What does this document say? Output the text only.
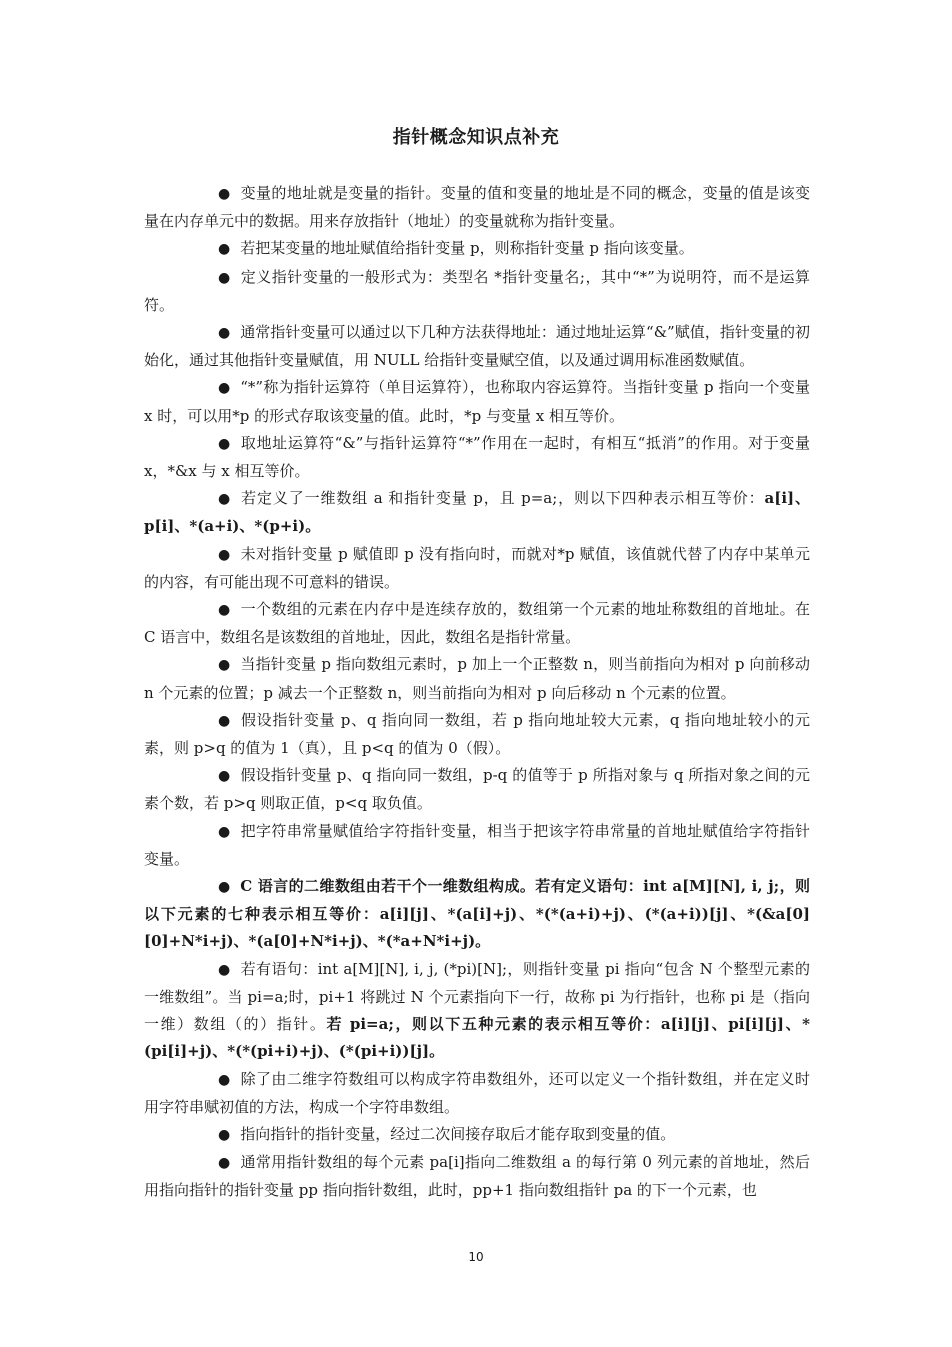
指针概念知识点补充

● 变量的地址就是变量的指针。变量的值和变量的地址是不同的概念，变量的值是该变量在内存单元中的数据。用来存放指针（地址）的变量就称为指针变量。

● 若把某变量的地址赋值给指针变量 p，则称指针变量 p 指向该变量。

● 定义指针变量的一般形式为：类型名 *指针变量名;，其中“*”为说明符，而不是运算符。

● 通常指针变量可以通过以下几种方法获得地址：通过地址运算“&”赋值，指针变量的初始化，通过其他指针变量赋值，用 NULL 给指针变量赋空值，以及通过调用标准函数赋值。

● “*”称为指针运算符（单目运算符），也称取内容运算符。当指针变量 p 指向一个变量 x 时，可以用*p 的形式存取该变量的值。此时，*p 与变量 x 相互等价。

● 取地址运算符“&”与指针运算符“*”作用在一起时，有相互“抵消”的作用。对于变量 x，*&x 与 x 相互等价。

● 若定义了一维数组 a 和指针变量 p，且 p=a;，则以下四种表示相互等价：a[i]、p[i]、*(a+i)、*(p+i)。

● 未对指针变量 p 赋值即 p 没有指向时，而就对*p 赋值，该值就代替了内存中某单元的内容，有可能出现不可意料的错误。

● 一个数组的元素在内存中是连续存放的，数组第一个元素的地址称数组的首地址。在 C 语言中，数组名是该数组的首地址，因此，数组名是指针常量。

● 当指针变量 p 指向数组元素时，p 加上一个正整数 n，则当前指向为相对 p 向前移动 n 个元素的位置；p 减去一个正整数 n，则当前指向为相对 p 向后移动 n 个元素的位置。

● 假设指针变量 p、q 指向同一数组，若 p 指向地址较大元素，q 指向地址较小的元素，则 p>q 的值为 1（真），且 p<q 的值为 0（假）。

● 假设指针变量 p、q 指向同一数组，p-q 的值等于 p 所指对象与 q 所指对象之间的元素个数，若 p>q 则取正值，p<q 取负值。

● 把字符串常量赋值给字符指针变量，相当于把该字符串常量的首地址赋值给字符指针变量。

● C 语言的二维数组由若干个一维数组构成。若有定义语句：int a[M][N], i, j;，则以下元素的七种表示相互等价：a[i][j]、*(a[i]+j)、*(*(a+i)+j)、(*(a+i))[j]、*(&a[0][0]+N*i+j)、*(a[0]+N*i+j)、*(*a+N*i+j)。

● 若有语句：int a[M][N], i, j, (*pi)[N];，则指针变量 pi 指向“包含 N 个整型元素的一维数组”。当 pi=a;时，pi+1 将跳过 N 个元素指向下一行，故称 pi 为行指针，也称 pi 是（指向一维）数组（的）指针。若 pi=a;，则以下五种元素的表示相互等价：a[i][j]、pi[i][j]、*(pi[i]+j)、*(*(pi+i)+j)、(*(pi+i))[j]。

● 除了由二维字符数组可以构成字符串数组外，还可以定义一个指针数组，并在定义时用字符串赋初值的方法，构成一个字符串数组。

● 指向指针的指针变量，经过二次间接存取后才能存取到变量的值。

● 通常用指针数组的每个元素 pa[i]指向二维数组 a 的每行第 0 列元素的首地址，然后用指向指针的指针变量 pp 指向指针数组，此时，pp+1 指向数组指针 pa 的下一个元素，也

10
